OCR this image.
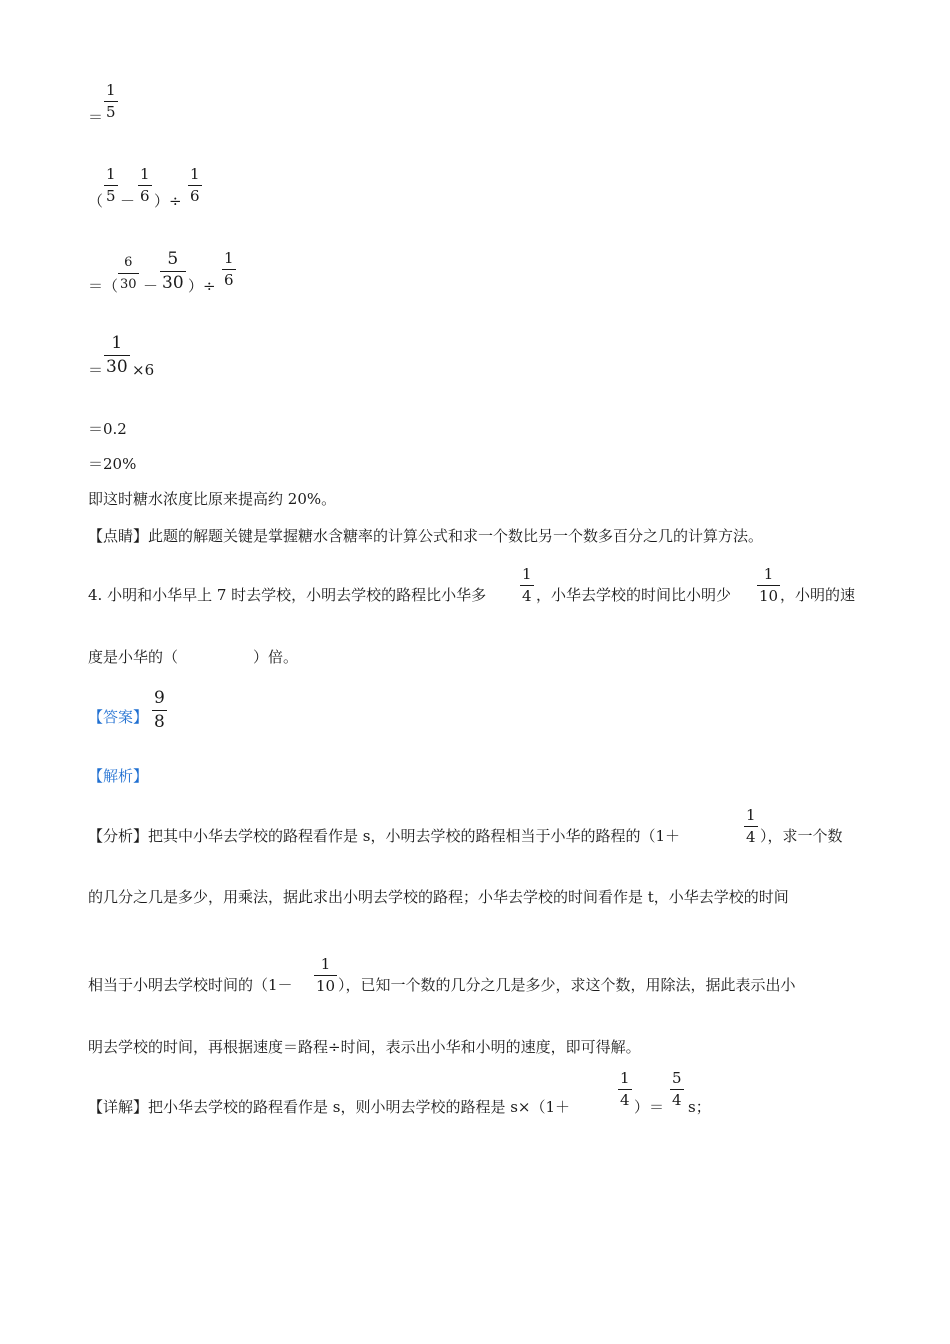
＝ $\frac{1}{5}$
（ $\frac{1}{5} - \frac{1}{6}$ ）÷ $\frac{1}{6}$
＝（ $\frac{6}{30} - \frac{5}{30}$ ）÷ $\frac{1}{6}$
＝ $\frac{1}{30} \times 6$
＝0.2
＝20%
即这时糖水浓度比原来提高约 20%。
【点睛】此题的解题关键是掌握糖水含糖率的计算公式和求一个数比另一个数多百分之几的计算方法。
4. 小明和小华早上 7 时去学校，小明去学校的路程比小华多 $\frac{1}{4}$ ，小华去学校的时间比小明少 $\frac{1}{10}$ ，小明的速
度是小华的（　　　　　）倍。
【答案】 $\frac{9}{8}$
【解析】
【分析】把其中小华去学校的路程看作是 s，小明去学校的路程相当于小华的路程的（1＋	$\frac{1}{4}$ ），求一个数
的几分之几是多少，用乘法，据此求出小明去学校的路程；小华去学校的时间看作是 t，小华去学校的时间
相当于小明去学校时间的（$1- \frac{1}{10}$ ），已知一个数的几分之几是多少，求这个数，用除法，据此表示出小
明去学校的时间，再根据速度＝路程÷时间，表示出小华和小明的速度，即可得解。
【详解】把小华去学校的路程看作是 s，则小明去学校的路程是 s×（1＋	$\frac{1}{4}$ ）＝ $\frac{5}{4}$ s；
